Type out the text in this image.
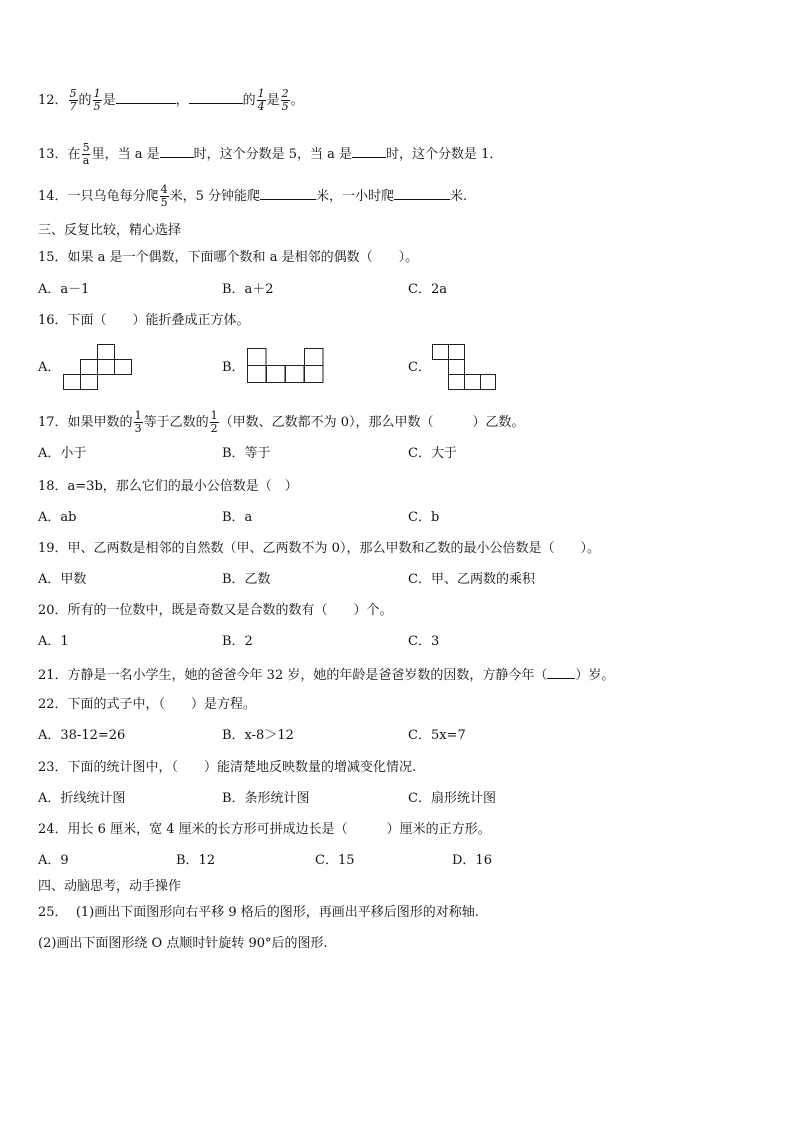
12． $\frac{5}{7}$ 的 $\frac{1}{5}$ 是	，	的 $\frac{1}{4}$ 是 $\frac{2}{5}$ 。
13．在 $\frac{5}{a}$ 里，当 a 是	时，这个分数是 5，当 a 是	时，这个分数是 1．
14．一只乌龟每分爬 $\frac{4}{5}$ 米，5 分钟能爬	米，一小时爬	米.
三、反复比较，精心选择
15．如果 a 是一个偶数，下面哪个数和 a 是相邻的偶数（　　）。
A．a－1	B．a＋2	C．2a
16．下面（　　）能折叠成正方体。
A．	B．	C．
17．如果甲数的 $\frac{1}{3}$ 等于乙数的 $\frac{1}{2}$ （甲数、乙数都不为 0），那么甲数（　　　）乙数。
A．小于	B．等于	C．大于
18．a=3b，那么它们的最小公倍数是（　）
A．ab	B．a	C．b
19．甲、乙两数是相邻的自然数（甲、乙两数不为 0），那么甲数和乙数的最小公倍数是（　　）。
A．甲数	B．乙数	C．甲、乙两数的乘积
20．所有的一位数中，既是奇数又是合数的数有（　　）个。
A．1	B．2	C．3
21．方静是一名小学生，她的爸爸今年 32 岁，她的年龄是爸爸岁数的因数，方静今年（ ）岁。
22．下面的式子中，（　　）是方程。
A．38-12=26	B．x-8＞12	C．5x=7
23．下面的统计图中，（　　）能清楚地反映数量的增减变化情况.
A．折线统计图	B．条形统计图	C．扇形统计图
24．用长 6 厘米，宽 4 厘米的长方形可拼成边长是（　　　）厘米的正方形。
A．9	B．12	C．15	D．16
四、动脑思考，动手操作
25． (1)画出下面图形向右平移 9 格后的图形，再画出平移后图形的对称轴.
(2)画出下面图形绕 O 点顺时针旋转 90°后的图形.
